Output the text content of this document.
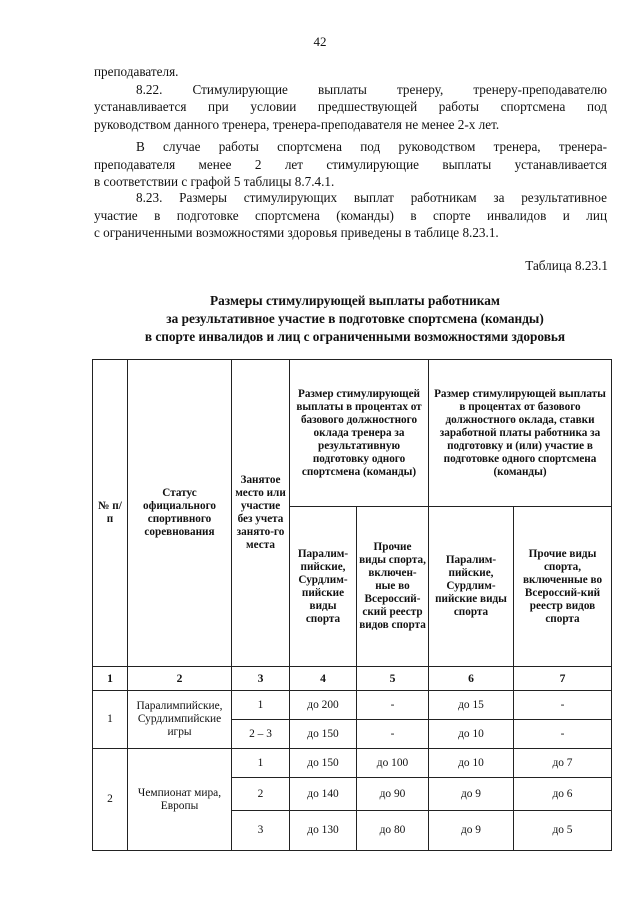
42
преподавателя.
8.22. Стимулирующие выплаты тренеру, тренеру-преподавателю
устанавливается при условии предшествующей работы спортсмена под
руководством данного тренера, тренера-преподавателя не менее 2-х лет.
В случае работы спортсмена под руководством тренера, тренера-
преподавателя менее 2 лет стимулирующие выплаты устанавливается
в соответствии с графой 5 таблицы 8.7.4.1.
8.23. Размеры стимулирующих выплат работникам за результативное
участие в подготовке спортсмена (команды) в спорте инвалидов и лиц
с ограниченными возможностями здоровья приведены в таблице 8.23.1.
Таблица 8.23.1
Размеры стимулирующей выплаты работникам
за результативное участие в подготовке спортсмена (команды)
в спорте инвалидов и лиц с ограниченными возможностями здоровья
№ п/п	Статус официального спортивного соревнования	Занятое место или участие без учета занято-го места	Размер стимулирующей выплаты в процентах от базового должностного оклада тренера за результативную подготовку одного спортсмена (команды)		Размер стимулирующей выплаты в процентах от базового должностного оклада, ставки заработной платы работника за подготовку и (или) участие в подготовке одного спортсмена (команды)	
			Паралим-пийские, Сурдлим-пийские виды спорта	Прочие виды спорта, включен-ные во Всероссий-ский реестр видов спорта	Паралим-пийские, Сурдлим-пийские виды спорта	Прочие виды спорта, включенные во Всероссий-кий реестр видов спорта
1	2	3	4	5	6	7
1	Паралимпийские, Сурдлимпийские игры	1	до 200	-	до 15	-
		2 – 3	до 150	-	до 10	-
2	Чемпионат мира, Европы	1	до 150	до 100	до 10	до 7
		2	до 140	до 90	до 9	до 6
		3	до 130	до 80	до 9	до 5
